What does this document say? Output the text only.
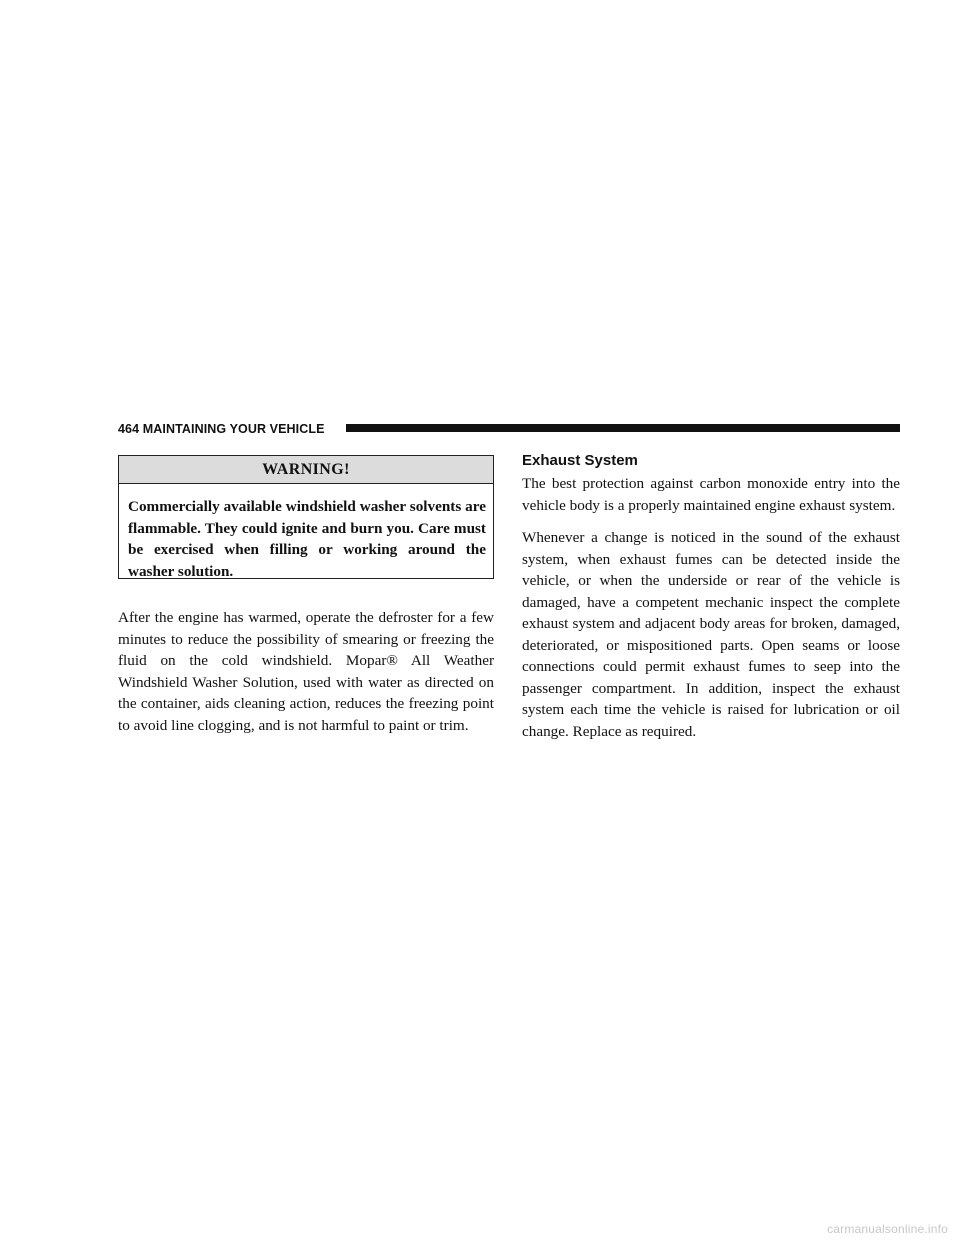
464 MAINTAINING YOUR VEHICLE
WARNING!
Commercially available windshield washer solvents are flammable. They could ignite and burn you. Care must be exercised when filling or working around the washer solution.

After the engine has warmed, operate the defroster for a few minutes to reduce the possibility of smearing or freezing the fluid on the cold windshield. Mopar® All Weather Windshield Washer Solution, used with water as directed on the container, aids cleaning action, reduces the freezing point to avoid line clogging, and is not harmful to paint or trim.

Exhaust System

The best protection against carbon monoxide entry into the vehicle body is a properly maintained engine exhaust system.

Whenever a change is noticed in the sound of the exhaust system, when exhaust fumes can be detected inside the vehicle, or when the underside or rear of the vehicle is damaged, have a competent mechanic inspect the complete exhaust system and adjacent body areas for broken, damaged, deteriorated, or mispositioned parts. Open seams or loose connections could permit exhaust fumes to seep into the passenger compartment. In addition, inspect the exhaust system each time the vehicle is raised for lubrication or oil change. Replace as required.

carmanualsonline.info
